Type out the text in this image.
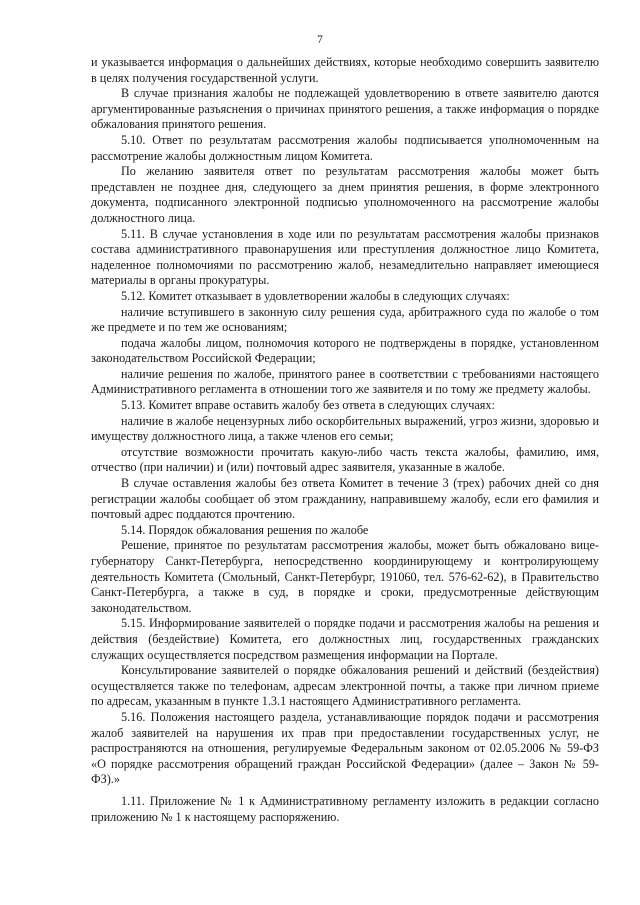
7

и указывается информация о дальнейших действиях, которые необходимо совершить заявителю в целях получения государственной услуги.

В случае признания жалобы не подлежащей удовлетворению в ответе заявителю даются аргументированные разъяснения о причинах принятого решения, а также информация о порядке обжалования принятого решения.

5.10. Ответ по результатам рассмотрения жалобы подписывается уполномоченным на рассмотрение жалобы должностным лицом Комитета.

По желанию заявителя ответ по результатам рассмотрения жалобы может быть представлен не позднее дня, следующего за днем принятия решения, в форме электронного документа, подписанного электронной подписью уполномоченного на рассмотрение жалобы должностного лица.

5.11. В случае установления в ходе или по результатам рассмотрения жалобы признаков состава административного правонарушения или преступления должностное лицо Комитета, наделенное полномочиями по рассмотрению жалоб, незамедлительно направляет имеющиеся материалы в органы прокуратуры.

5.12. Комитет отказывает в удовлетворении жалобы в следующих случаях:

наличие вступившего в законную силу решения суда, арбитражного суда по жалобе о том же предмете и по тем же основаниям;

подача жалобы лицом, полномочия которого не подтверждены в порядке, установленном законодательством Российской Федерации;

наличие решения по жалобе, принятого ранее в соответствии с требованиями настоящего Административного регламента в отношении того же заявителя и по тому же предмету жалобы.

5.13. Комитет вправе оставить жалобу без ответа в следующих случаях:

наличие в жалобе нецензурных либо оскорбительных выражений, угроз жизни, здоровью и имуществу должностного лица, а также членов его семьи;

отсутствие возможности прочитать какую-либо часть текста жалобы, фамилию, имя, отчество (при наличии) и (или) почтовый адрес заявителя, указанные в жалобе.

В случае оставления жалобы без ответа Комитет в течение 3 (трех) рабочих дней со дня регистрации жалобы сообщает об этом гражданину, направившему жалобу, если его фамилия и почтовый адрес поддаются прочтению.

5.14. Порядок обжалования решения по жалобе

Решение, принятое по результатам рассмотрения жалобы, может быть обжаловано вице-губернатору Санкт-Петербурга, непосредственно координирующему и контролирующему деятельность Комитета (Смольный, Санкт-Петербург, 191060, тел. 576-62-62), в Правительство Санкт-Петербурга, а также в суд, в порядке и сроки, предусмотренные действующим законодательством.

5.15. Информирование заявителей о порядке подачи и рассмотрения жалобы на решения и действия (бездействие) Комитета, его должностных лиц, государственных гражданских служащих осуществляется посредством размещения информации на Портале.

Консультирование заявителей о порядке обжалования решений и действий (бездействия) осуществляется также по телефонам, адресам электронной почты, а также при личном приеме по адресам, указанным в пункте 1.3.1 настоящего Административного регламента.

5.16. Положения настоящего раздела, устанавливающие порядок подачи и рассмотрения жалоб заявителей на нарушения их прав при предоставлении государственных услуг, не распространяются на отношения, регулируемые Федеральным законом от 02.05.2006 № 59-ФЗ «О порядке рассмотрения обращений граждан Российской Федерации» (далее – Закон № 59-ФЗ).»

1.11. Приложение № 1 к Административному регламенту изложить в редакции согласно приложению № 1 к настоящему распоряжению.
